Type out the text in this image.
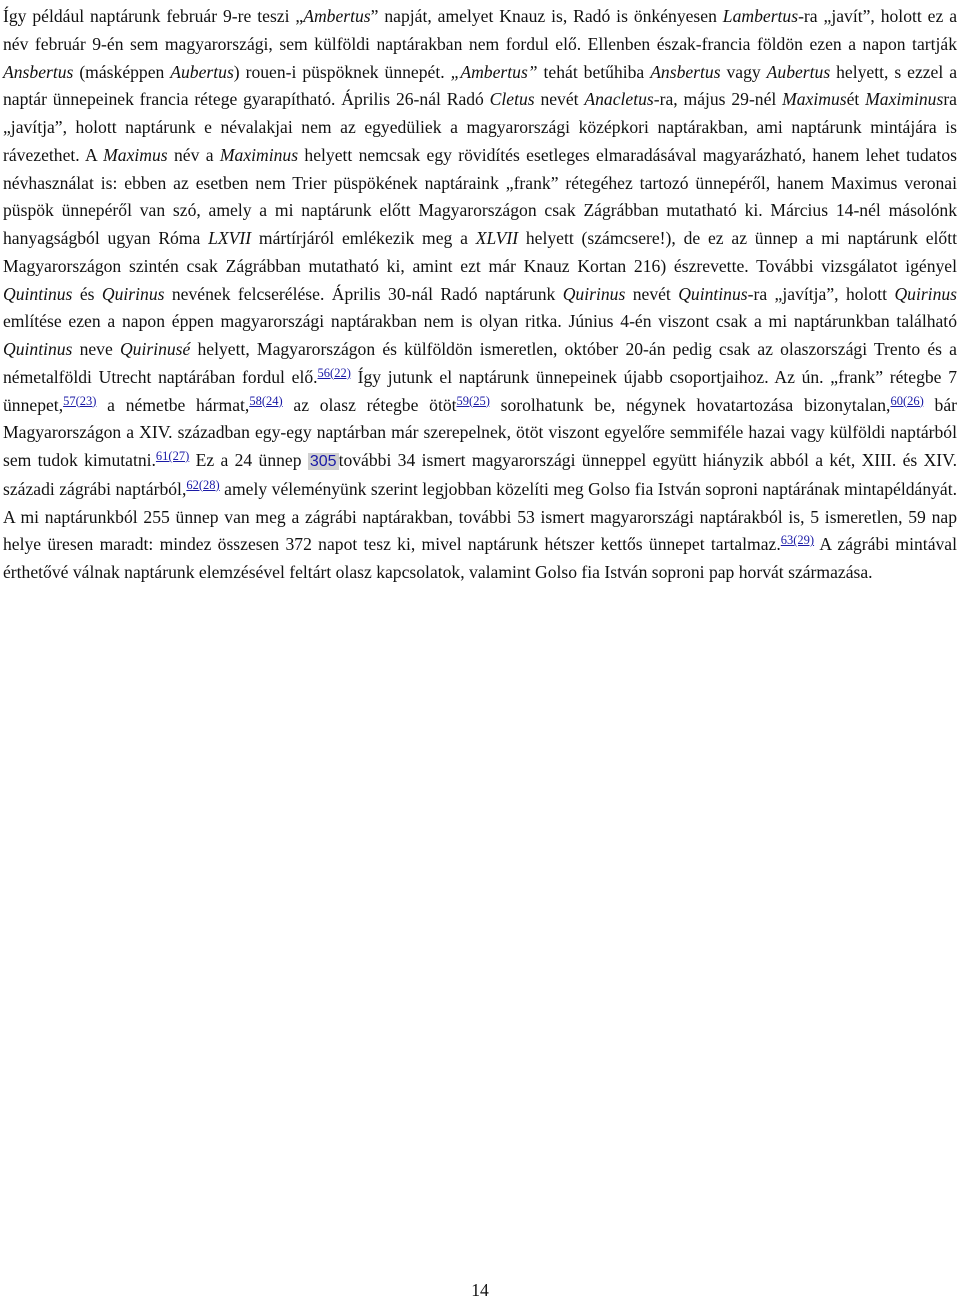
Így például naptárunk február 9-re teszi „Ambertus” napját, amelyet Knauz is, Radó is önkényesen Lambertus-ra „javít”, holott ez a név február 9-én sem magyarországi, sem külföldi naptárakban nem fordul elő. Ellenben észak-francia földön ezen a napon tartják Ansbertus (másképpen Aubertus) rouen-i püspöknek ünnepét. „Ambertus” tehát betűhiba Ansbertus vagy Aubertus helyett, s ezzel a naptár ünnepeinek francia rétege gyarapítható. Április 26-nál Radó Cletus nevét Anacletus-ra, május 29-nél Maximusét Maximinusra „javítja”, holott naptárunk e névalakjai nem az egyedüliek a magyarországi középkori naptárakban, ami naptárunk mintájára is rávezethet. A Maximus név a Maximinus helyett nemcsak egy rövidítés esetleges elmaradásával magyarázható, hanem lehet tudatos névhasználat is: ebben az esetben nem Trier püspökének naptáraink „frank” rétegéhez tartozó ünnepéről, hanem Maximus veronai püspök ünnepéről van szó, amely a mi naptárunk előtt Magyarországon csak Zágrábban mutatható ki. Március 14-nél másolónk hanyagságból ugyan Róma LXVII mártírjáról emlékezik meg a XLVII helyett (számcsere!), de ez az ünnep a mi naptárunk előtt Magyarországon szintén csak Zágrábban mutatható ki, amint ezt már Knauz Kortan 216) észrevette. További vizsgálatot igényel Quintinus és Quirinus nevének felcserélése. Április 30-nál Radó naptárunk Quirinus nevét Quintinus-ra „javítja”, holott Quirinus említése ezen a napon éppen magyarországi naptárakban nem is olyan ritka. Június 4-én viszont csak a mi naptárunkban található Quintinus neve Quirinusé helyett, Magyarországon és külföldön ismeretlen, október 20-án pedig csak az olaszországi Trento és a németalföldi Utrecht naptárában fordul elő.$^{56(22)}$ Így jutunk el naptárunk ünnepeinek újabb csoportjaihoz. Az ún. „frank” rétegbe 7 ünnepet,$^{57(23)}$ a németbe hármat,$^{58(24)}$ az olasz rétegbe ötöt$^{59(25)}$ sorolhatunk be, négynek hovatartozása bizonytalan,$^{60(26)}$ bár Magyarországon a XIV. században egy-egy naptárban már szerepelnek, ötöt viszont egyelőre semmiféle hazai vagy külföldi naptárból sem tudok kimutatni.$^{61(27)}$ Ez a 24 ünnep 305 további 34 ismert magyarországi ünneppel együtt hiányzik abból a két, XIII. és XIV. századi zágrábi naptárból,$^{62(28)}$ amely véleményünk szerint legjobban közelíti meg Golso fia István soproni naptárának mintapéldányát. A mi naptárunkból 255 ünnep van meg a zágrábi naptárakban, további 53 ismert magyarországi naptárakból is, 5 ismeretlen, 59 nap helye üresen maradt: mindez összesen 372 napot tesz ki, mivel naptárunk hétszer kettős ünnepet tartalmaz.$^{63(29)}$ A zágrábi mintával érthetővé válnak naptárunk elemzésével feltárt olasz kapcsolatok, valamint Golso fia István soproni pap horvát származása.

14
